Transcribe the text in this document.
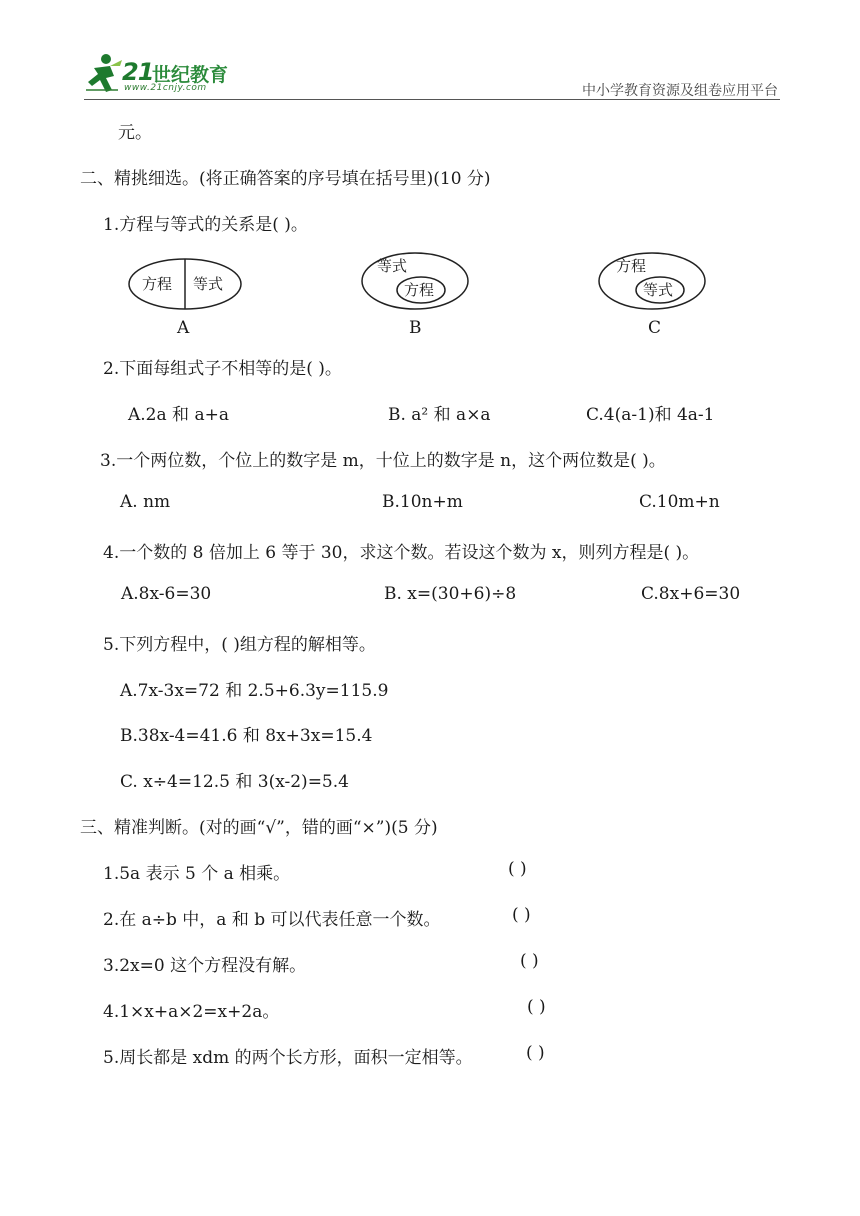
21
世纪教育
www.21cnjy.com	中小学教育资源及组卷应用平台
元。
二、精挑细选。(将正确答案的序号填在括号里)(10 分)
1.方程与等式的关系是( )。
方程 等式
A
等式
方程
B
方程
等式
C
2.下面每组式子不相等的是( )。
A.2a 和 a+a	B. a² 和 a×a	C.4(a-1)和 4a-1
3.一个两位数，个位上的数字是 m，十位上的数字是 n，这个两位数是( )。
A. nm	B.10n+m	C.10m+n
4.一个数的 8 倍加上 6 等于 30，求这个数。若设这个数为 x，则列方程是( )。
A.8x-6=30	B. x=(30+6)÷8	C.8x+6=30
5.下列方程中，( )组方程的解相等。
A.7x-3x=72 和 2.5+6.3y=115.9
B.38x-4=41.6 和 8x+3x=15.4
C. x÷4=12.5 和 3(x-2)=5.4
三、精准判断。(对的画“√”，错的画“×”)(5 分)
1.5a 表示 5 个 a 相乘。	( )
2.在 a÷b 中，a 和 b 可以代表任意一个数。	( )
3.2x=0 这个方程没有解。	( )
4.1×x+a×2=x+2a。	( )
5.周长都是 xdm 的两个长方形，面积一定相等。	( )
